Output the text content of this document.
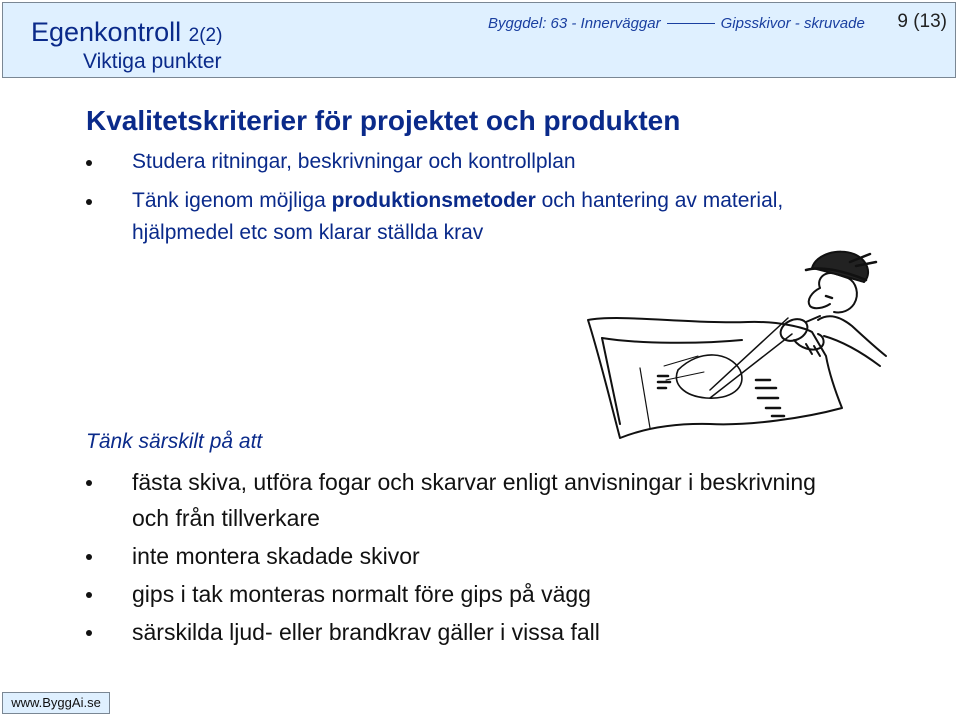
Egenkontroll 2(2)
Viktiga punkter
Byggdel: 63 - Innerväggar	Gipsskivor - skruvade 9 (13)
Kvalitetskriterier för projektet och produkten
Studera ritningar, beskrivningar och kontrollplan
Tänk igenom möjliga produktionsmetoder och hantering av material, hjälpmedel etc som klarar ställda krav
Tänk särskilt på att
fästa skiva, utföra fogar och skarvar enligt anvisningar i beskrivning och från tillverkare
inte montera skadade skivor
gips i tak monteras normalt före gips på vägg
särskilda ljud- eller brandkrav gäller i vissa fall
www.ByggAi.se
